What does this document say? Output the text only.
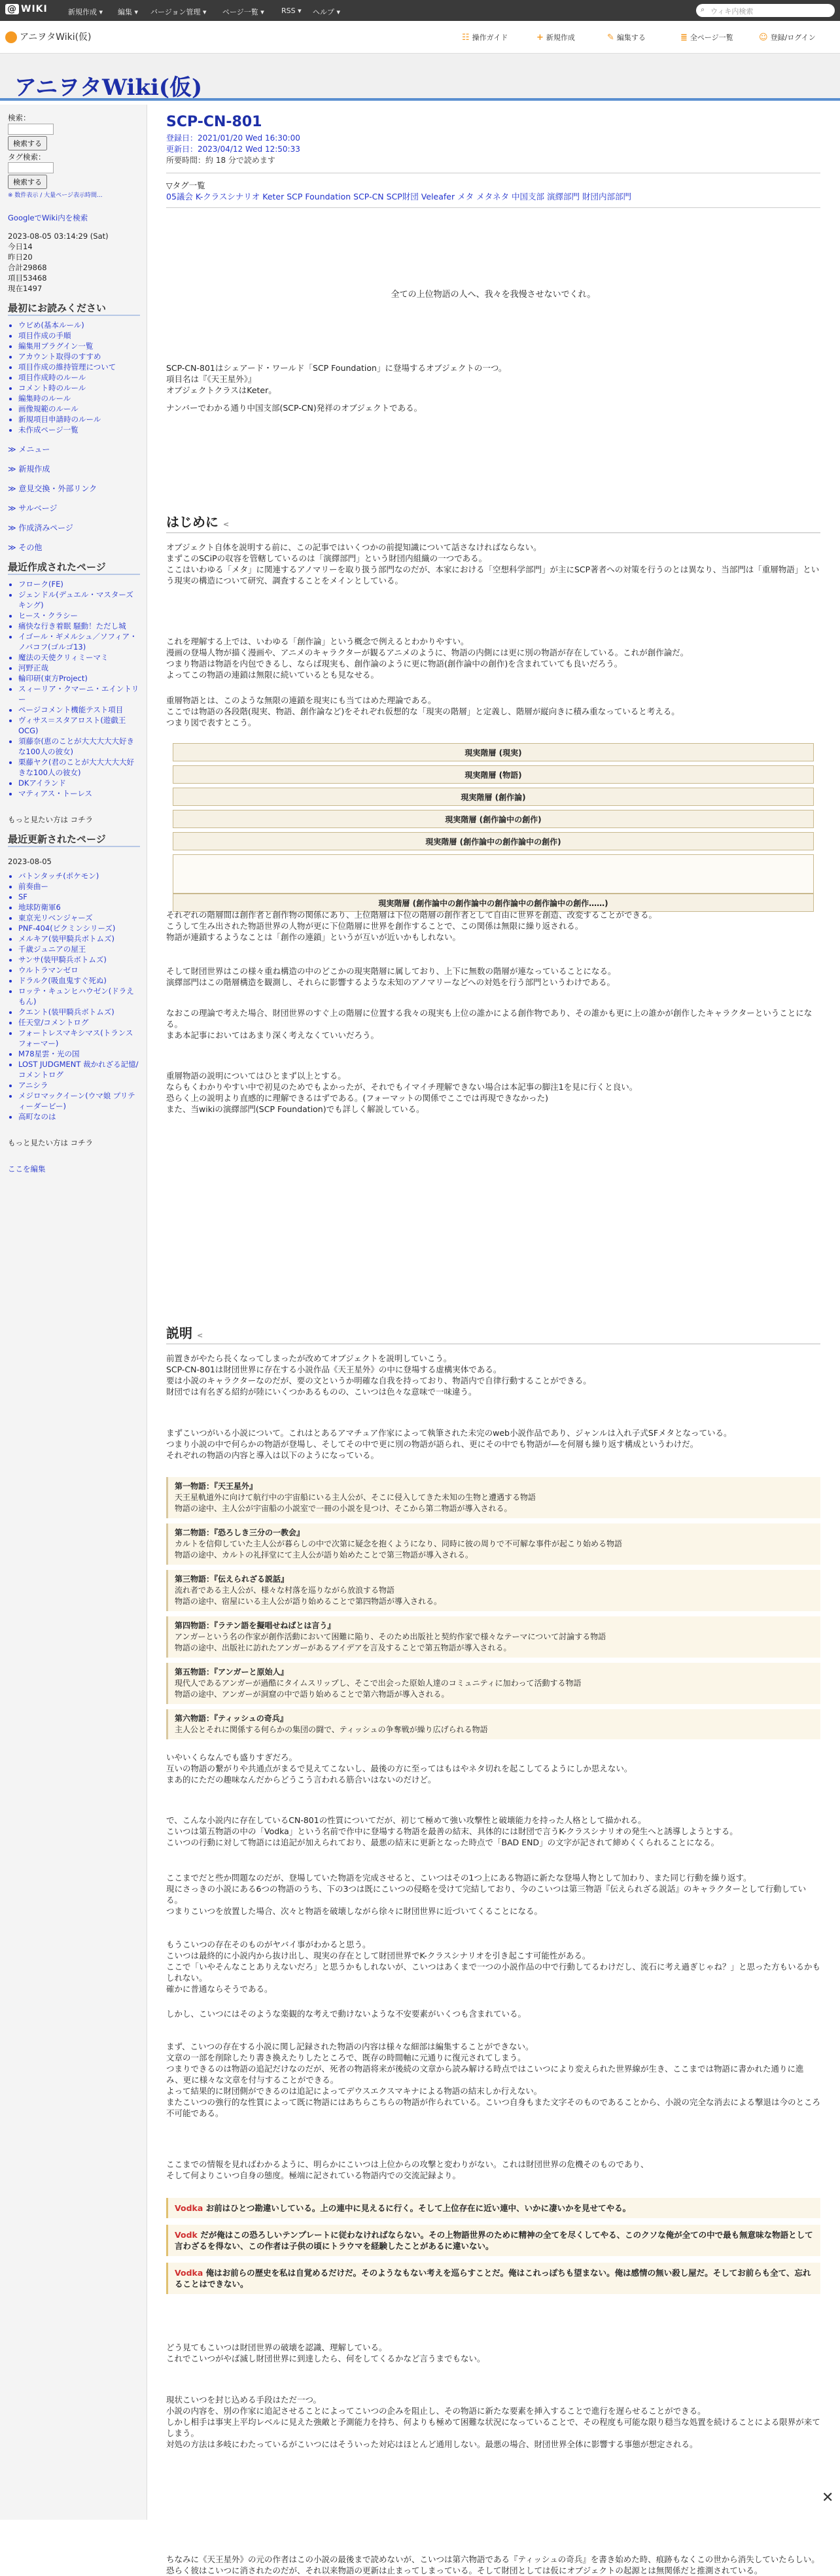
@ WIKI	新規作成 ▾ 編集 ▾ バージョン管理 ▾ ページ一覧 ▾ RSS ▾ ヘルプ ▾	⌕ ウィキ内検索
アニヲタWiki(仮)	☷ 操作ガイド	+ 新規作成	✎ 編集する	≣ 全ページ一覧	☺ 登録/ログイン
アニヲタWiki(仮)
検索：

検索する
タグ検索：

検索する
※ 数件表示 / 大量ページ表示時間...
GoogleでWiki内を検索
2023-08-05 03:14:29 (Sat)
今日14
昨日20
合計29868
項目53468
現在1497
最初にお読みください
• ウビめ(基本ルール)
• 項目作成の手順
• 編集用ブラグイン一覧
• アカウント取得のすすめ
• 項目作成の維持管理について
• 項目作成時のルール
• コメント時のルール
• 編集時のルール
• 画像規範のルール
• 新規項目申請時のルール
• 未作成ページ一覧
≫ メニュー
≫ 新規作成
≫ 意見交換・外部リンク
≫ サルベージ
≫ 作成済みページ
≫ その他
最近作成されたページ
• フローク(FE)
• ジェンドル(デュエル・マスターズ キング)
• ヒース・クラシー
• 痛快な行き着眠 騒動！ただし城
• イゴール・ギメルシュ／ソフィア・ノバコフ(ゴルゴ13)
• 魔法の天使クリィミーマミ
• 河野正哉
• 輪印研(東方Project)
• スィーリア・クマーニ・エイントリー
• ページコメント機能テスト項目
• ヴィサス＝スタアロスト(遊戯王OCG)
• 須藤奈(恵のことが大大大大大好きな100人の彼女)
• 栗藤ヤク(君のことが大大大大大好きな100人の彼女)
• DKアイランド
• マティアス・トーレス
もっと見たい方は コチラ
最近更新されたページ
2023-08-05
• バトンタッチ(ポケモン)
• 前奏曲ー
• SF
• 地球防衛軍6
• 東京光リベンジャーズ
• PNF-404(ピクミンシリーズ)
• メルキア(装甲騎兵ボトムズ)
• 千歳ジュニアの屋王
• サンサ(装甲騎兵ボトムズ)
• ウルトラマンゼロ
• ドラルク(吸血鬼すぐ死ぬ)
• ロッテ・キュンヒハウゼン(ドラえもん)
• クエント(装甲騎兵ボトムズ)
• 任天堂/コメントログ
• フォートレスマキシマス(トランスフォーマー)
• M78星雲・光の国
• LOST JUDGMENT 裁かれざる記憶/コメントログ
• アニシラ
• メジロマックイーン(ウマ娘 プリティーダービー)
• 高町なのは
もっと見たい方は コチラ
ここを編集
SCP-CN-801
登録日：2021/01/20 Wed 16:30:00
更新日：2023/04/12 Wed 12:50:33
所要時間：約 18 分で読めます
▽タグ一覧
05議会 K-クラスシナリオ Keter SCP Foundation SCP-CN SCP財団 Veleafer メタ メタネタ 中国支部 演繹部門 財団内部部門
全ての上位物語の人へ、我々を我慢させないでくれ。

SCP-CN-801はシェアード・ワールド「SCP Foundation」に登場するオブジェクトの一つ。

項目名は『《天王星外》』

オブジェクトクラスはKeter。

ナンバーでわかる通り中国支部(SCP-CN)発祥のオブジェクトである。

はじめに <

オブジェクト自体を説明する前に、この記事ではいくつかの前提知識について話さなければならない。

まずこのSCiPの収容を管轄しているのは「演繹部門」という財団内組織の一つである。

ここはいわゆる「メタ」に関連するアノマリーを取り扱う部門なのだが、本家における「空想科学部門」が主にSCP著者への対策を行うのとは異なり、当部門は「重層物語」という現実の構造について研究、調査することをメインとしている。

これを理解する上では、いわゆる「創作論」という概念で例えるとわかりやすい。

漫画の登場人物が描く漫画や、アニメのキャラクターが観るアニメのように、物語の内側には更に別の物語が存在している。これが創作論だ。

つまり物語は物語を内包できるし、ならば現実も、創作論のように更に物語(創作論中の創作)を含まれていても良いだろう。

よってこの物語の連鎖は無限に続いているとも見なせる。

重層物語とは、このような無限の連鎖を現実にも当てはめた理論である。

ここでは物語の各段階(現実、物語、創作論など)をそれぞれ仮想的な「現実の階層」と定義し、階層が縦向きに積み重なっていると考える。

つまり図で表すとこう。

現実階層 (現実)
現実階層 (物語)
現実階層 (創作論)
現実階層 (創作論中の創作)
現実階層 (創作論中の創作論中の創作)
現実階層 (創作論中の創作論中の創作論中の創作論中の創作……)

それぞれの階層間は創作者と創作物の関係にあり、上位階層は下位の階層の創作者として自由に世界を創造、改変することができる。

こうして生み出された物語世界の人物が更に下位階層に世界を創作することで、この関係は無限に繰り返される。

物語が連鎖するようなことは「創作の連鎖」というが互いが近いかもしれない。

そして財団世界はこの様々重ね構造の中のどこかの現実階層に属しており、上下に無数の階層が連なっていることになる。

演繹部門はこの階層構造を観測し、それらに影響するような未知のアノマリーなどへの対処を行う部門というわけである。

なおこの理論で考えた場合、財団世界のすぐ上の階層に位置する我々の現実も上位の誰かによる創作物であり、その誰かも更に上の誰かが創作したキャラクターということになる。

まあ本記事においてはあまり深く考えなくていいだろう。

重層物語の説明についてはひとまず以上とする。

ならもくわかりやすい中で初見のためでもよかったが、それでもイマイチ理解できない場合は本記事の脚注1を見に行くと良い。

恐らく上の説明より直感的に理解できるはずである。(フォーマットの関係でここでは再現できなかった)

また、当wikiの演繹部門(SCP Foundation)でも詳しく解説している。

説明 <

前置きがやたら長くなってしまったが改めてオブジェクトを説明していこう。

SCP-CN-801は財団世界に存在する小説作品《天王星外》の中に登場する虚構実体である。

要は小説のキャラクターなのだが、要の文というか明確な自我を持っており、物語内で自律行動することができる。

財団では有名ぎる紹約が陸にいくつかあるものの、こいつは色々な意味で一味違う。

まずこいつがいる小説について。これはとあるアマチュア作家によって執筆された未完のweb小説作品であり、ジャンルは入れ子式SFメタとなっている。

つまり小説の中で何らかの物語が登場し、そしてその中で更に別の物語が語られ、更にその中でも物語が—を何層も繰り返す構成というわけだ。

それぞれの物語の内容と導入は以下のようになっている。

第一物語：『天王星外』
天王星軌道外に向けて航行中の宇宙船にいる主人公が、そこに侵入してきた未知の生物と遭遇する物語
物語の途中、主人公が宇宙船の小説室で一冊の小説を見つけ、そこから第二物語が導入される。
第二物語：『恐ろしき三分の一教会』
カルトを信仰していた主人公が暮らしの中で次第に疑念を抱くようになり、同時に彼の周りで不可解な事件が起こり始める物語
物語の途中、カルトの礼拝堂にて主人公が語り始めたことで第三物語が導入される。
第三物語：『伝えられざる説話』
流れ者である主人公が、様々な村落を巡りながら放浪する物語
物語の途中、宿屋にいる主人公が語り始めることで第四物語が導入される。
第四物語：『ラテン語を擬唱せねばとは言う』
アンガーという名の作家が創作活動において困難に陥り、そのため出版社と契約作家で様々なテーマについて討論する物語
物語の途中、出版社に訪れたアンガーがあるアイデアを言及することで第五物語が導入される。
第五物語：『アンガーと原始人』
現代人であるアンガーが過酷にタイムスリップし、そこで出会った原始人達のコミュニティに加わって活動する物語
物語の途中、アンガーが洞窟の中で語り始めることで第六物語が導入される。
第六物語：『ティッシュの奇兵』
主人公とそれに関係する何らかの集団の闘で、ティッシュの争奪戦が繰り広げられる物語

いやいくらなんでも盛りすぎだろ。

互いの物語の繋がりや共通点がまるで見えてこないし、最後の方に至ってはもはやネタ切れを起こしてるようにしか思えない。

まあ的にただの趣味なんだからどうこう言われる筋合いはないのだけど。

で、こんな小説内に存在しているCN-801の性質についてだが、初じて極めて強い攻撃性と破壊能力を持った人格として描かれる。

こいつは第五物語の中の「Vodka」という名前で作中に登場する物語を最善の結末、具体的には財団で言うK-クラスシナリオの発生へと誘導しようとする。

こいつの行動に対して物語には追記が加えられており、最悪の結末に更新となった時点で「BAD END」の文字が記されて締めくくられることになる。

ここまでだと些か問題なのだが、登場していた物語を完成させると、こいつはその1つ上にある物語に新たな登場人物として加わり、また同じ行動を繰り返す。

現にさっきの小説にある6つの物語のうち、下の3つは既にこいつの侵略を受けて完結しており、今のこいつは第三物語『伝えられざる説話』のキャラクターとして行動している。

つまりこいつを放置した場合、次々と物語を破壊しながら徐々に財団世界に近づいてくることになる。

もうこいつの存在そのものがヤバイ事がわかると思う。

こいつは最終的に小説内から抜け出し、現実の存在として財団世界でK-クラスシナリオを引き起こす可能性がある。

ここで「いやそんなことありえないだろ」と思うかもしれないが、こいつはあくまで一つの小説作品の中で行動してるわけだし、流石に考え過ぎじゃね？」と思った方もいるかもしれない。

確かに普通ならそうである。

しかし、こいつにはそのような楽観的な考えで動けないような不安要素がいくつも含まれている。

まず、こいつの存在する小説に関し記録された物語の内容は様々な細部は編集することができない。

文章の一部を削除したり書き換えたりしたところで、既存の時間軸に元通りに復元されてしまう。

つまりできるのは物語の追記だけなのだが、死者の物語将来が後続の文章から読み解ける時点ではこいつにより変えられた世界線が生き、ここまでは物語に書かれた通りに進み、更に様々な文章を付与することができる。

よって結果的に財団側ができるのは追記によってデウスエクスマキナによる物語の結末しか行えない。

またこいつの強行的な性質によって既に物語にはあちらこちらの物語が作られている。こいつ自身もまた文字そのものであることから、小説の完全な消去による撃退は今のところ不可能である。

ここまでの情報を見ればわかるように、明らかにこいつは上位からの攻撃と変わりがない。これは財団世界の危機そのものであり、

そして何よりこいつ自身の態度。極端に記されている物語内での交流記録より。

Vodka お前はひとつ勘違いしている。上の連中に見えるに行く。そして上位存在に近い連中、いかに凄いかを見せてやる。
Vodk だが俺はこの恐ろしいテンプレートに従わなければならない。その上物語世界のために精神の全てを尽くしてやる、このクソな俺が全ての中で最も無意味な物語として言わざるを得ない、この作者は子供の頃にトラウマを経験したことがあるに違いない。
Vodka 俺はお前らの歴史を私は自覚めるだけだ。そのようなもない考えを巡らすことだ。俺はこれっぽちも望まない。俺は感情の無い殺し屋だ。そしてお前らも全て、忘れることはできない。

どう見てもこいつは財団世界の破壊を認識、理解している。

これでこいつがやば滅し財団世界に到達したら、何をしてくるかなど言うまでもない。

現状こいつを封じ込める手段はただ一つ。

小説の内容を、別の作家に追記させることによってこいつの企みを阻止し、その物語に新たな要素を挿入することで進行を遅らせることができる。

しかし相手は事実上平均レベルに見えた強敵と予測能力を持ち、何よりも極めて困難な状況になっていることで、その程度も可能な限り穏当な処置を続けることによる限界が来てしまう。

対処の方法は多岐にわたっているがこいつにはそういった対応はほとんど通用しない。最悪の場合、財団世界全体に影響する事態が想定される。

ちなみに《天王星外》の元の作者はこの小説の最後まで読めないが、こいつは第六物語である『ティッシュの奇兵』を書き始めた時、痕跡もなくこの世から消失していたらしい。恐らく彼はこいつに消されたのだが、それ以来物語の更新は止まってしまっている。そして財団としては仮にオブジェクトの起源とは無関係だと推測されている。
✕
